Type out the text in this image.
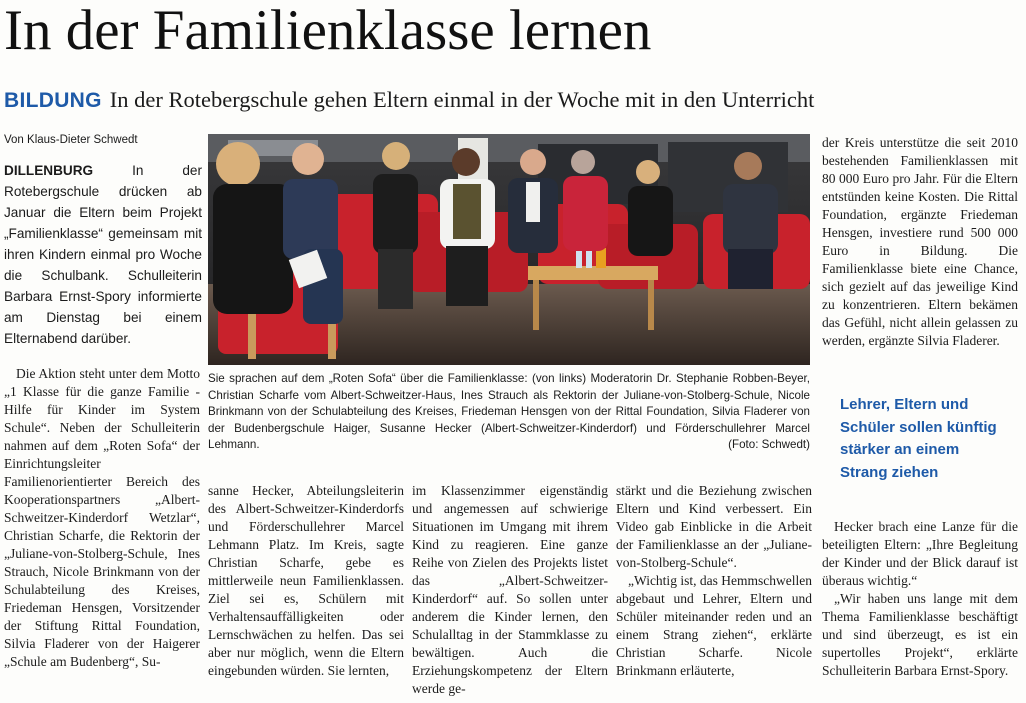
In der Familienklasse lernen
BILDUNG In der Rotebergschule gehen Eltern einmal in der Woche mit in den Unterricht
Von Klaus-Dieter Schwedt
DILLENBURG	In der Rotebergschule drücken ab Januar die Eltern beim Projekt „Familienklasse“ gemeinsam mit ihren Kindern einmal pro Woche die Schulbank. Schulleiterin Barbara Ernst-Spory informierte am Dienstag bei einem Elternabend darüber.

Die Aktion steht unter dem Motto „1 Klasse für die ganze Familie - Hilfe für Kinder im System Schule“. Neben der Schulleiterin nahmen auf dem „Roten Sofa“ der Einrichtungsleiter Familienorientierter Bereich des Kooperationspartners „Albert-Schweitzer-Kinderdorf Wetzlar“, Christian Scharfe, die Rektorin der „Juliane-von-Stolberg-Schule, Ines Strauch, Nicole Brinkmann von der Schulabteilung des Kreises, Friedeman Hensgen, Vorsitzender der Stiftung Rittal Foundation, Silvia Fladerer von der Haigerer „Schule am Budenberg“, Su-

Sie sprachen auf dem „Roten Sofa“ über die Familienklasse: (von links) Moderatorin Dr. Stephanie Robben-Beyer, Christian Scharfe vom Albert-Schweitzer-Haus, Ines Strauch als Rektorin der Juliane-von-Stolberg-Schule, Nicole Brinkmann von der Schulabteilung des Kreises, Friedeman Hensgen von der Rittal Foundation, Silvia Fladerer von der Budenbergschule Haiger, Susanne Hecker (Albert-Schweitzer-Kinderdorf) und Förderschullehrer Marcel Lehmann.	(Foto: Schwedt)

sanne Hecker, Abteilungsleiterin des Albert-Schweitzer-Kinderdorfs und Förderschullehrer Marcel Lehmann Platz. Im Kreis, sagte Christian Scharfe, gebe es mittlerweile neun Familienklassen. Ziel sei es, Schülern mit Verhaltensauffälligkeiten oder Lernschwächen zu helfen. Das sei aber nur möglich, wenn die Eltern eingebunden würden. Sie lernten,

im Klassenzimmer eigenständig und angemessen auf schwierige Situationen im Umgang mit ihrem Kind zu reagieren. Eine ganze Reihe von Zielen des Projekts listet das „Albert-Schweitzer-Kinderdorf“ auf. So sollen unter anderem die Kinder lernen, den Schulalltag in der Stammklasse zu bewältigen. Auch die Erziehungskompetenz der Eltern werde ge-

stärkt und die Beziehung zwischen Eltern und Kind verbessert. Ein Video gab Einblicke in die Arbeit der Familienklasse an der „Juliane-von-Stolberg-Schule“.

„Wichtig ist, das Hemmschwellen abgebaut und Lehrer, Eltern und Schüler miteinander reden und an einem Strang ziehen“, erklärte Christian Scharfe. Nicole Brinkmann erläuterte,

der Kreis unterstütze die seit 2010 bestehenden Familienklassen mit 80 000 Euro pro Jahr. Für die Eltern entstünden keine Kosten. Die Rittal Foundation, ergänzte Friedeman Hensgen, investiere rund 500 000 Euro in Bildung. Die Familienklasse biete eine Chance, sich gezielt auf das jeweilige Kind zu konzentrieren. Eltern bekämen das Gefühl, nicht allein gelassen zu werden, ergänzte Silvia Fladerer.

Lehrer, Eltern und Schüler sollen künftig stärker an einem Strang ziehen

Hecker brach eine Lanze für die beteiligten Eltern: „Ihre Begleitung der Kinder und der Blick darauf ist überaus wichtig.“

„Wir haben uns lange mit dem Thema Familienklasse beschäftigt und sind überzeugt, es ist ein supertolles Projekt“, erklärte Schulleiterin Barbara Ernst-Spory.
